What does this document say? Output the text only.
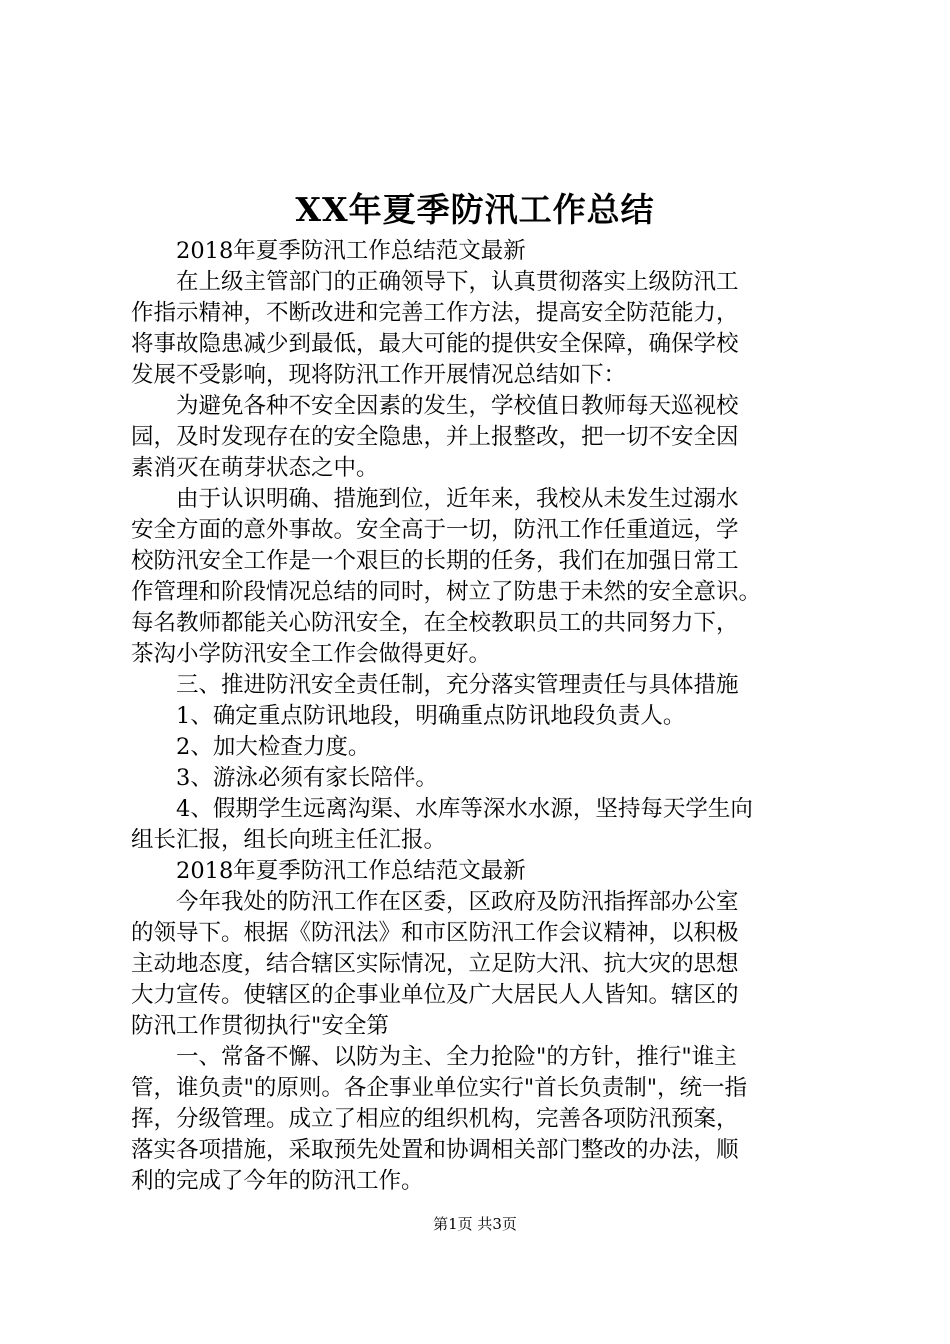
XX年夏季防汛工作总结

2018年夏季防汛工作总结范文最新

在上级主管部门的正确领导下，认真贯彻落实上级防汛工
作指示精神，不断改进和完善工作方法，提高安全防范能力，
将事故隐患减少到最低，最大可能的提供安全保障，确保学校
发展不受影响，现将防汛工作开展情况总结如下：

为避免各种不安全因素的发生，学校值日教师每天巡视校
园，及时发现存在的安全隐患，并上报整改，把一切不安全因
素消灭在萌芽状态之中。

由于认识明确、措施到位，近年来，我校从未发生过溺水
安全方面的意外事故。安全高于一切，防汛工作任重道远，学
校防汛安全工作是一个艰巨的长期的任务，我们在加强日常工
作管理和阶段情况总结的同时，树立了防患于未然的安全意识。
每名教师都能关心防汛安全，在全校教职员工的共同努力下，
茶沟小学防汛安全工作会做得更好。

三、推进防汛安全责任制，充分落实管理责任与具体措施

1、确定重点防讯地段，明确重点防讯地段负责人。

2、加大检查力度。

3、游泳必须有家长陪伴。

4、假期学生远离沟渠、水库等深水水源，坚持每天学生向
组长汇报，组长向班主任汇报。

2018年夏季防汛工作总结范文最新

今年我处的防汛工作在区委，区政府及防汛指挥部办公室
的领导下。根据《防汛法》和市区防汛工作会议精神，以积极
主动地态度，结合辖区实际情况，立足防大汛、抗大灾的思想
大力宣传。使辖区的企事业单位及广大居民人人皆知。辖区的
防汛工作贯彻执行"安全第

一、常备不懈、以防为主、全力抢险"的方针，推行"谁主
管，谁负责"的原则。各企事业单位实行"首长负责制"，统一指
挥，分级管理。成立了相应的组织机构，完善各项防汛预案，
落实各项措施，采取预先处置和协调相关部门整改的办法，顺
利的完成了今年的防汛工作。

第1页 共3页
